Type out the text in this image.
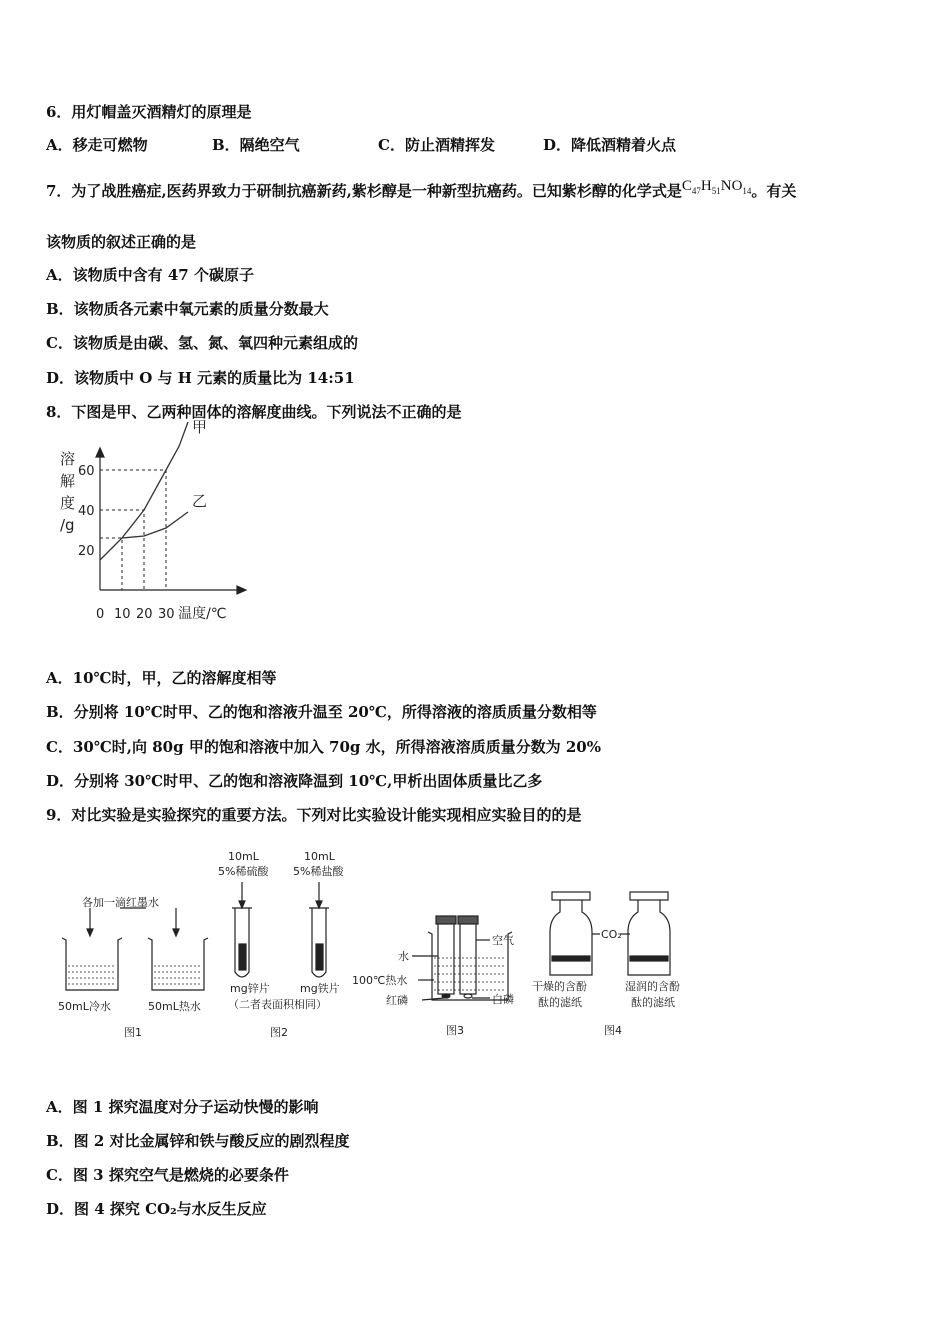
6．用灯帽盖灭酒精灯的原理是
A．移走可燃物	B．隔绝空气	C．防止酒精挥发	D．降低酒精着火点
7．为了战胜癌症,医药界致力于研制抗癌新药,紫杉醇是一种新型抗癌药。已知紫杉醇的化学式是$C_{47}H_{51}NO_{14}$。有关
该物质的叙述正确的是
A．该物质中含有 47 个碳原子
B．该物质各元素中氧元素的质量分数最大
C．该物质是由碳、氢、氮、氧四种元素组成的
D．该物质中 O 与 H 元素的质量比为 14:51
8．下图是甲、乙两种固体的溶解度曲线。下列说法不正确的是
溶
解
度
/g
20
40
60
0 10 20 30 温度/℃
甲
乙
A．10℃时，甲，乙的溶解度相等
B．分别将 10℃时甲、乙的饱和溶液升温至 20℃，所得溶液的溶质质量分数相等
C．30℃时,向 80g 甲的饱和溶液中加入 70g 水，所得溶液溶质质量分数为 20%
D．分别将 30℃时甲、乙的饱和溶液降温到 10℃,甲析出固体质量比乙多
9．对比实验是实验探究的重要方法。下列对比实验设计能实现相应实验目的的是
各加一滴红墨水
50mL冷水	50mL热水
图1
10mL
5%稀硫酸
10mL
5%稀盐酸
mg锌片	mg铁片
（二者表面积相同）
图2
空气
水
100℃热水
红磷	白磷
图3
CO₂
干燥的含酚
酞的滤纸
湿润的含酚
酞的滤纸
图4
A．图 1 探究温度对分子运动快慢的影响
B．图 2 对比金属锌和铁与酸反应的剧烈程度
C．图 3 探究空气是燃烧的必要条件
D．图 4 探究 CO₂与水反生反应
